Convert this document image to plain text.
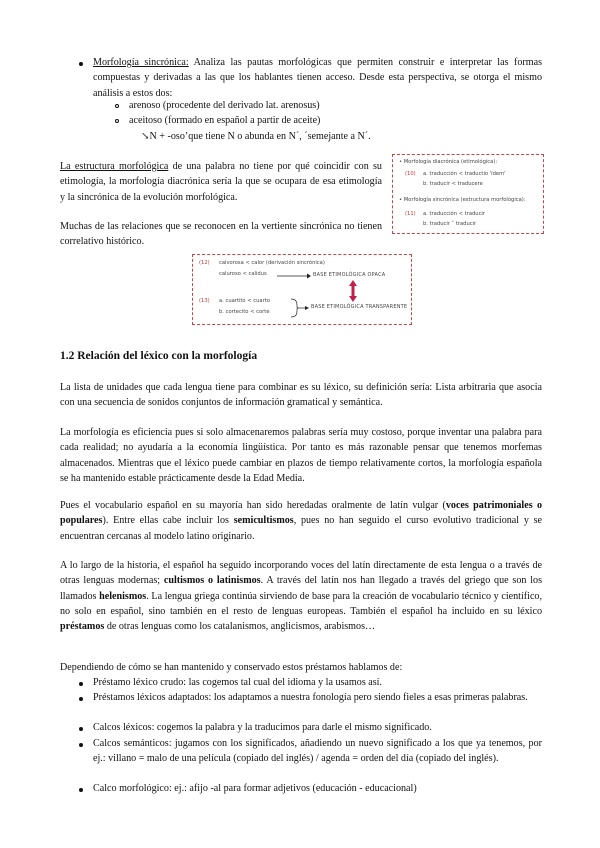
Morfología sincrónica: Analiza las pautas morfológicas que permiten construir e interpretar las formas compuestas y derivadas a las que los hablantes tienen acceso. Desde esta perspectiva, se otorga el mismo análisis a estos dos:

arenoso (procedente del derivado lat. arenosus)

aceitoso (formado en español a partir de aceite)

↘N + -oso’que tiene N o abunda en N´, ´semejante a N´.

La estructura morfológica de una palabra no tiene por qué coincidir con su etimología, la morfología diacrónica sería la que se ocupara de esa etimología y la sincrónica de la evolución morfológica.

Muchas de las relaciones que se reconocen en la vertiente sincrónica no tienen correlativo histórico.

• Morfología diacrónica (etimológica):
(10) a. traducción < traductio 'ídem'
b. traducir < traducere
• Morfología sincrónica (estructura morfológica):
(11) a. traducción < traducir
b. traducir ˂ traducir
(12) calvorosa < calor (derivación sincrónica)
caluroso < calidus	BASE ETIMOLÓGICA OPACA
(13) a. cuartito < cuarto
b. cortecito < corte
BASE ETIMOLÓGICA TRANSPARENTE
1.2 Relación del léxico con la morfología

La lista de unidades que cada lengua tiene para combinar es su léxico, su definición sería: Lista arbitraria que asocia con una secuencia de sonidos conjuntos de información gramatical y semántica.

La morfología es eficiencia pues si solo almacenaremos palabras sería muy costoso, porque inventar una palabra para cada realidad; no ayudaría a la economía lingüística. Por tanto es más razonable pensar que tenemos morfemas almacenados. Mientras que el léxico puede cambiar en plazos de tiempo relativamente cortos, la morfología española se ha mantenido estable prácticamente desde la Edad Media.

Pues el vocabulario español en su mayoría han sido heredadas oralmente de latín vulgar (voces patrimoniales o populares). Entre ellas cabe incluir los semicultismos, pues no han seguido el curso evolutivo tradicional y se encuentran cercanas al modelo latino originario.

A lo largo de la historia, el español ha seguido incorporando voces del latín directamente de esta lengua o a través de otras lenguas modernas; cultismos o latinismos. A través del latín nos han llegado a través del griego que son los llamados helenismos. La lengua griega continúa sirviendo de base para la creación de vocabulario técnico y científico, no solo en español, sino también en el resto de lenguas europeas. También el español ha incluido en su léxico préstamos de otras lenguas como los catalanismos, anglicismos, arabismos…

Dependiendo de cómo se han mantenido y conservado estos préstamos hablamos de:

Préstamo léxico crudo: las cogemos tal cual del idioma y la usamos así.

Préstamos léxicos adaptados: los adaptamos a nuestra fonología pero siendo fieles a esas primeras palabras.

Calcos léxicos: cogemos la palabra y la traducimos para darle el mismo significado.

Calcos semánticos: jugamos con los significados, añadiendo un nuevo significado a los que ya tenemos, por ej.: villano = malo de una película (copiado del inglés) / agenda = orden del día (copiado del inglés).

Calco morfológico: ej.: afijo -al para formar adjetivos (educación - educacional)
